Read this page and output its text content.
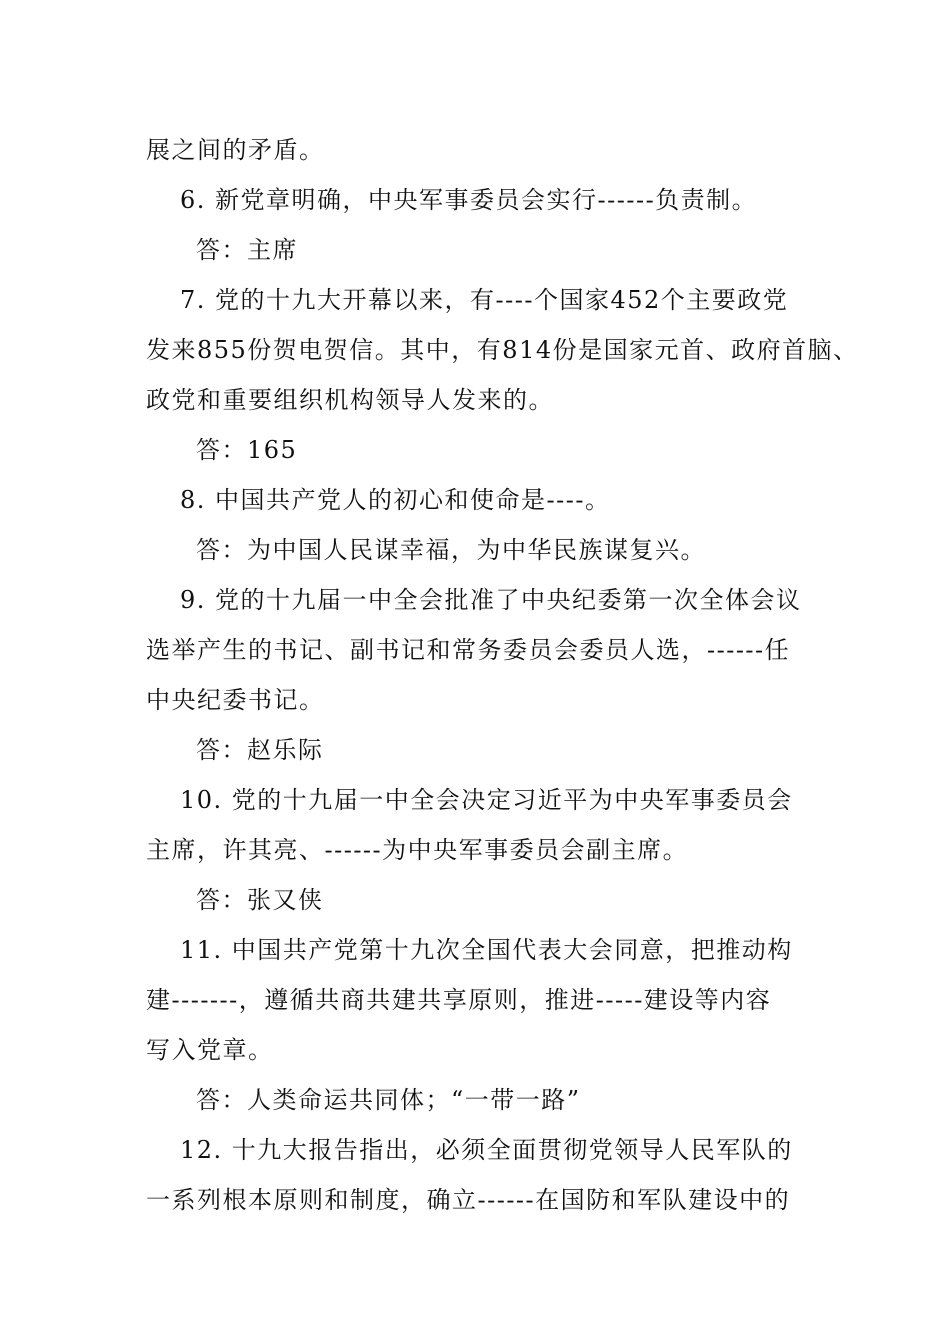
展之间的矛盾。
6. 新党章明确，中央军事委员会实行------负责制。
答：主席
7. 党的十九大开幕以来，有----个国家452个主要政党
发来855份贺电贺信。其中，有814份是国家元首、政府首脑、
政党和重要组织机构领导人发来的。
答：165
8. 中国共产党人的初心和使命是----。
答：为中国人民谋幸福，为中华民族谋复兴。
9. 党的十九届一中全会批准了中央纪委第一次全体会议
选举产生的书记、副书记和常务委员会委员人选，------任
中央纪委书记。
答：赵乐际
10. 党的十九届一中全会决定习近平为中央军事委员会
主席，许其亮、------为中央军事委员会副主席。
答：张又侠
11. 中国共产党第十九次全国代表大会同意，把推动构
建-------，遵循共商共建共享原则，推进-----建设等内容
写入党章。
答：人类命运共同体；“一带一路”
12. 十九大报告指出，必须全面贯彻党领导人民军队的
一系列根本原则和制度，确立------在国防和军队建设中的
